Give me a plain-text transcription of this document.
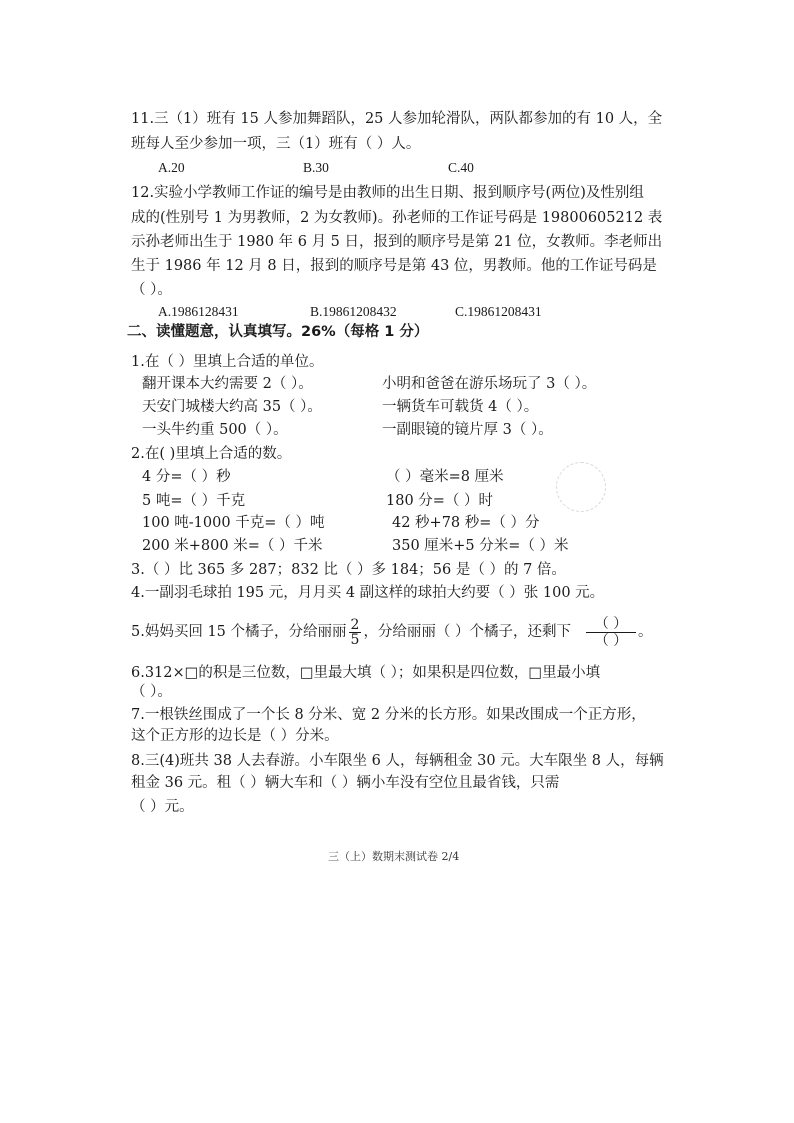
11.三（1）班有 15 人参加舞蹈队，25 人参加轮滑队，两队都参加的有 10 人，全
班每人至少参加一项，三（1）班有（ ）人。
A.20	B.30	C.40
12.实验小学教师工作证的编号是由教师的出生日期、报到顺序号(两位)及性别组
成的(性别号 1 为男教师，2 为女教师)。孙老师的工作证号码是 19800605212 表
示孙老师出生于 1980 年 6 月 5 日，报到的顺序号是第 21 位，女教师。李老师出
生于 1986 年 12 月 8 日，报到的顺序号是第 43 位，男教师。他的工作证号码是
（ ）。
A.1986128431	B.19861208432	C.19861208431
二、读懂题意，认真填写。26%（每格 1 分）
1.在（ ）里填上合适的单位。
翻开课本大约需要 2（ ）。	小明和爸爸在游乐场玩了 3（ ）。
天安门城楼大约高 35（ ）。	一辆货车可载货 4（ ）。
一头牛约重 500（ ）。	一副眼镜的镜片厚 3（ ）。
2.在( )里填上合适的数。
4 分=（ ）秒	（ ）毫米=8 厘米
5 吨=（ ）千克	180 分=（ ）时
100 吨-1000 千克=（ ）吨	42 秒+78 秒=（ ）分
200 米+800 米=（ ）千米	350 厘米+5 分米=（ ）米
3.（ ）比 365 多 287；832 比（ ）多 184；56 是（ ）的 7 倍。
4.一副羽毛球拍 195 元，月月买 4 副这样的球拍大约要（ ）张 100 元。
5.妈妈买回 15 个橘子，分给丽丽 $\frac{2}{5}$ ，分给丽丽（ ）个橘子，还剩下	（ ）
（ ）
。
6.312×□的积是三位数，□里最大填（ ）；如果积是四位数，□里最小填
（ ）。
7.一根铁丝围成了一个长 8 分米、宽 2 分米的长方形。如果改围成一个正方形，
这个正方形的边长是（ ）分米。
8.三(4)班共 38 人去春游。小车限坐 6 人，每辆租金 30 元。大车限坐 8 人，每辆
租金 36 元。租（ ）辆大车和（ ）辆小车没有空位且最省钱，只需
（ ）元。
三（上）数期末测试卷 2/4
